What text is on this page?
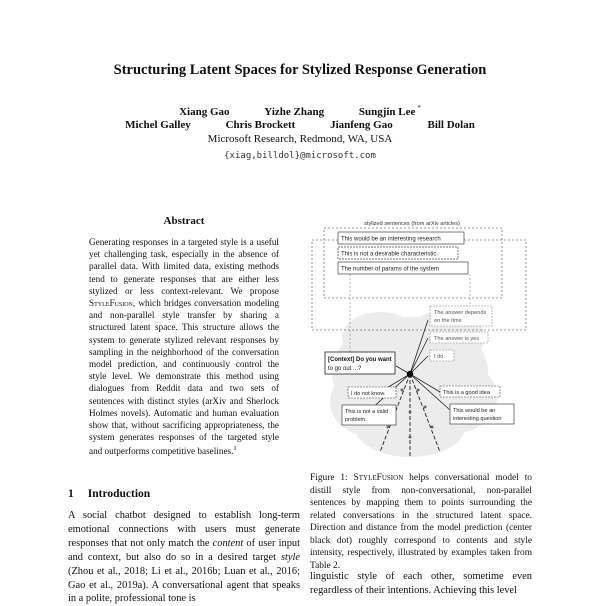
Structuring Latent Spaces for Stylized Response Generation
Xiang Gao	Yizhe Zhang	Sungjin Lee *
Michel Galley	Chris Brockett	Jianfeng Gao	Bill Dolan
Microsoft Research, Redmond, WA, USA
{xiag,billdol}@microsoft.com
Abstract
Generating responses in a targeted style is a useful yet challenging task, especially in the absence of parallel data. With limited data, existing methods tend to generate responses that are either less stylized or less context-relevant. We propose StyleFusion, which bridges conversation modeling and non-parallel style transfer by sharing a structured latent space. This structure allows the system to generate stylized relevant responses by sampling in the neighborhood of the conversation model prediction, and continuously control the style level. We demonstrate this method using dialogues from Reddit data and two sets of sentences with distinct styles (arXiv and Sherlock Holmes novels). Automatic and human evaluation show that, without sacrificing appropriateness, the system generates responses of the targeted style and outperforms competitive baselines.$^1$
1 Introduction
A social chatbot designed to establish long-term emotional connections with users must generate responses that not only match the content of user input and context, but also do so in a desired target style (Zhou et al., 2018; Li et al., 2016b; Luan et al., 2016; Gao et al., 2019a). A conversational agent that speaks in a polite, professional tone is
stylized sentences (from arXiv articles)
This would be an interesting research
This is not a desirable characteristic.
The number of params of the system
[Context] Do you want
to go out ...?
The answer depends
on the time
The answer is yes
I do.
I do not know.
This is not a valid
problem.
This is a good idea
This would be an
interesting question
Figure 1: StyleFusion helps conversational model to distill style from non-conversational, non-parallel sentences by mapping them to points surrounding the related conversations in the structured latent space. Direction and distance from the model prediction (center black dot) roughly correspond to contents and style intensity, respectively, illustrated by examples taken from Table 2.
linguistic style of each other, sometime even regardless of their intentions. Achieving this level
